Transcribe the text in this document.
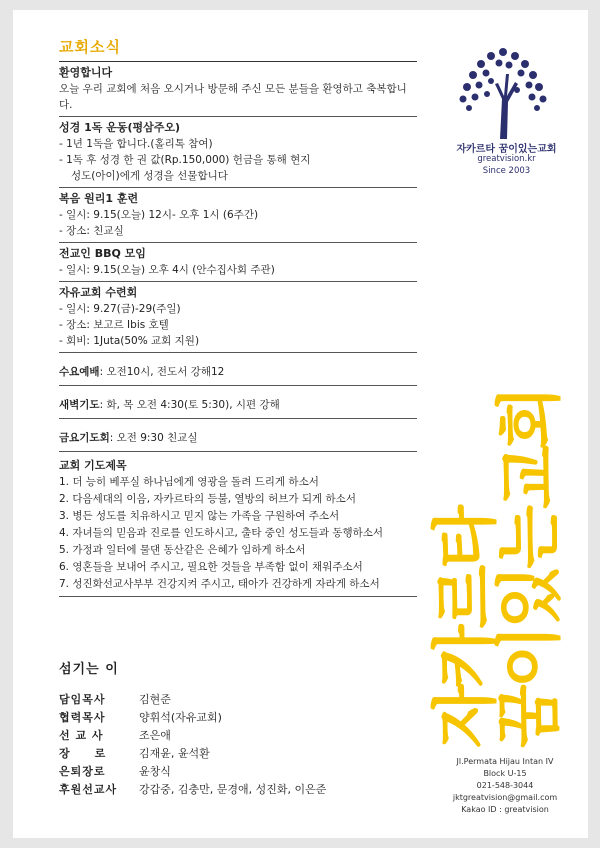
교회소식
환영합니다
오늘 우리 교회에 처음 오시거나 방문해 주신 모든 분들을 환영하고 축복합니다.
성경 1독 운동(평삼주오)
- 1년 1독을 합니다.(홀리톡 참여)
- 1독 후 성경 한 권 값(Rp.150,000) 헌금을 통해 현지
성도(아이)에게 성경을 선물합니다
복음 원리1 훈련
- 일시: 9.15(오늘) 12시- 오후 1시 (6주간)
- 장소: 친교실
전교인 BBQ 모임
- 일시: 9.15(오늘) 오후 4시 (안수집사회 주관)
자유교회 수련회
- 일시: 9.27(금)-29(주일)
- 장소: 보고르 Ibis 호텔
- 회비: 1Juta(50% 교회 지원)
수요예배: 오전10시, 전도서 강해12
새벽기도: 화, 목 오전 4:30(토 5:30), 시편 강해
금요기도회: 오전 9:30 친교실
교회 기도제목
1. 더 능히 베푸실 하나님에게 영광을 돌려 드리게 하소서
2. 다음세대의 이음, 자카르타의 등불, 열방의 허브가 되게 하소서
3. 병든 성도를 치유하시고 믿지 않는 가족을 구원하여 주소서
4. 자녀들의 믿음과 진로를 인도하시고, 출타 중인 성도들과 동행하소서
5. 가정과 일터에 물댄 동산같은 은혜가 임하게 하소서
6. 영혼들을 보내어 주시고, 필요한 것들을 부족함 없이 채워주소서
7. 성진화선교사부부 건강지켜 주시고, 태아가 건강하게 자라게 하소서
섬기는 이
담임목사	김현준
협력목사	양휘석(자유교회)
선 교 사	조은애
장　　로	김재윤, 윤석환
은퇴장로	윤창식
후원선교사	강갑중, 김충만, 문경애, 성진화, 이은준
자카르타 꿈이있는교회
greatvision.kr
Since 2003
자카르타
꿈이있는교회
Jl.Permata Hijau Intan IV
Block U-15
021-548-3044
jktgreatvision@gmail.com
Kakao ID : greatvision
